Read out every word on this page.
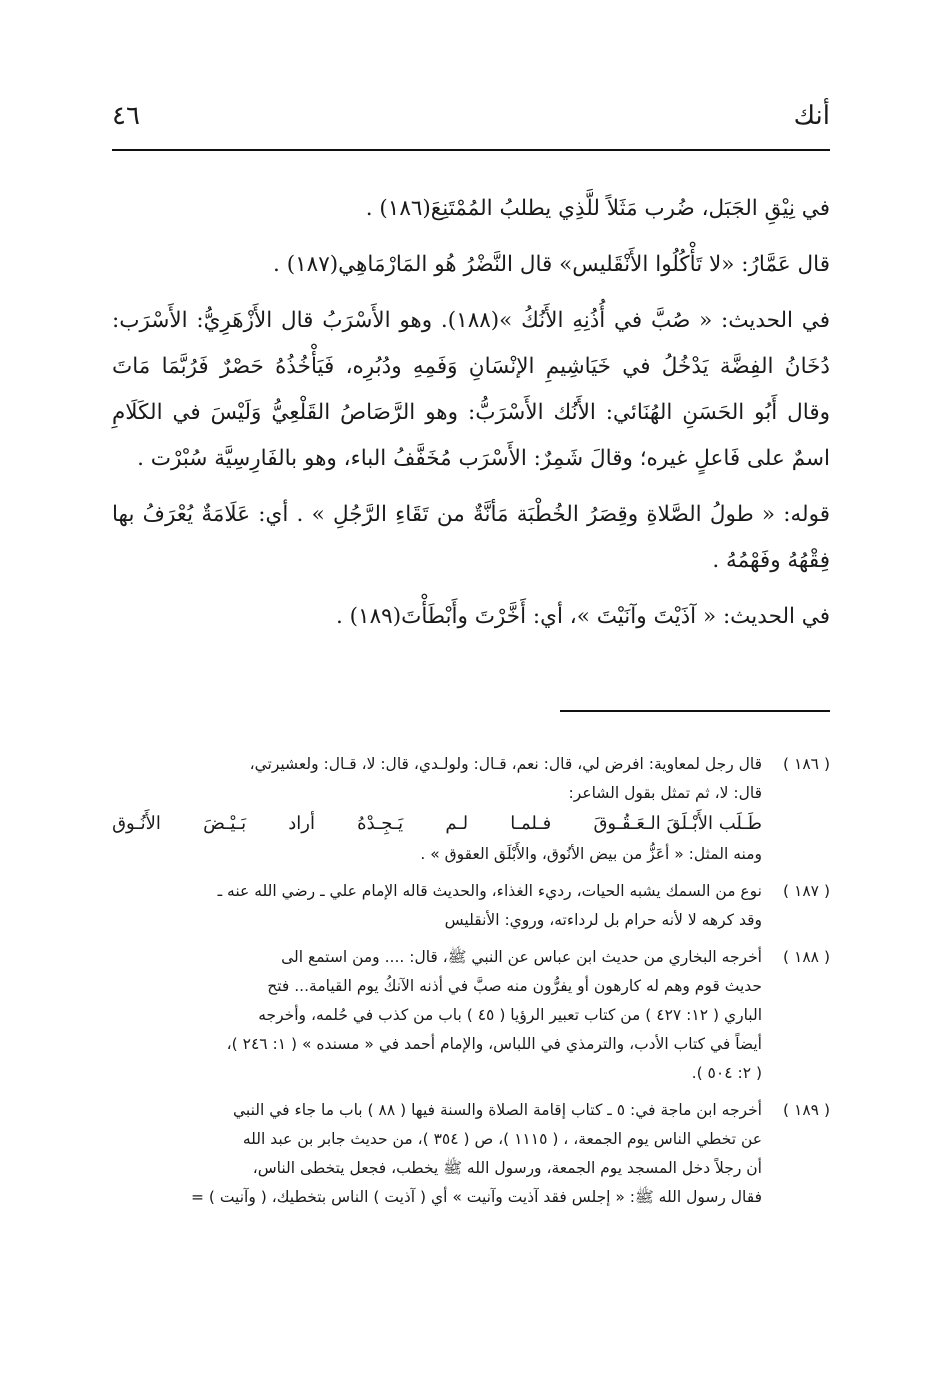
أنك
٤٦

في نِيْقِ الجَبَل، ضُرب مَثَلاً للَّذِي يطلبُ المُمْتَنِعَ(١٨٦) .

قال عَمَّارُ: «لا تَأْكُلُوا الأَنْقَليس» قال النَّضْرُ هُو المَارْمَاهِي(١٨٧) .

في الحديث: « صُبَّ في أُذُنِهِ الأَنُكُ »(١٨٨). وهو الأَسْرَبُ قال الأَزْهَرِيُّ: الأَسْرَب: دُخَانُ الفِضَّة يَدْخُلُ في خَيَاشِيمِ الإنْسَانِ وَفَمِهِ ودُبُرِه، فَيَأْخُذُهُ حَصْرٌ فَرُبَّمَا مَاتَ وقال أَبُو الحَسَنِ الهُنَائي: الأَنُك الأَسْرَبُّ: وهو الرَّصَاصُ القَلْعِيُّ وَلَيْسَ في الكَلَامِ اسمٌ على فَاعلٍ غيره؛ وقالَ شَمِرٌ: الأَسْرَب مُخَفَّفُ الباء، وهو بالفَارِسِيَّة سُبْرْت .

قوله: « طولُ الصَّلاةِ وقِصَرُ الخُطْبَة مَأنَّةٌ من تَقَاءِ الرَّجُلِ » . أي: عَلَامَةٌ يُعْرَفُ بها فِقْهُهُ وفَهْمُهُ .

في الحديث: « آذَيْتَ وآنَيْتَ »، أي: أَخَّرْتَ وأَبْطَأْتَ(١٨٩) .

( ١٨٦ )
قال رجل لمعاوية: افرض لي، قال: نعم، قـال: ولولـدي، قال: لا، قـال: ولعشيرتي،
قال: لا، ثم تمثل بقول الشاعر:
طَـلَب الأَبْـلَقَ الـعَـقُـوقَ
فـلمـا
لـم
يَـجِـدْهُ
أراد
بَـيْـضَ
الأَنُـوق
ومنه المثل: « أعَزُّ من بيض الأنُوق، والأَبْلَق العقوق » .
( ١٨٧ )
نوع من السمك يشبه الحيات، رديء الغذاء، والحديث قاله الإمام علي ـ رضي الله عنه ـ
وقد كرهه لا لأنه حرام بل لرداءته، وروي: الأنقليس
( ١٨٨ )
أخرجه البخاري من حديث ابن عباس عن النبي ﷺ، قال: .... ومن استمع الى
حديث قوم وهم له كارهون أو يفرُّون منه صبَّ في أذنه الآنكُ يوم القيامة... فتح
الباري ( ١٢: ٤٢٧ ) من كتاب تعبير الرؤيا ( ٤٥ ) باب من كذب في حُلمه، وأخرجه
أيضاً في كتاب الأدب، والترمذي في اللباس، والإمام أحمد في « مسنده » ( ١: ٢٤٦ )،
( ٢: ٥٠٤ ).
( ١٨٩ )
أخرجه ابن ماجة في: ٥ ـ كتاب إقامة الصلاة والسنة فيها ( ٨٨ ) باب ما جاء في النبي
عن تخطي الناس يوم الجمعة، ، ( ١١١٥ )، ص ( ٣٥٤ )، من حديث جابر بن عبد الله
أن رجلاً دخل المسجد يوم الجمعة، ورسول الله ﷺ يخطب، فجعل يتخطى الناس،
فقال رسول الله ﷺ: « إجلس فقد آذيت وآنيت » أي ( آذيت ) الناس بتخطيك، ( وآنيت ) =
